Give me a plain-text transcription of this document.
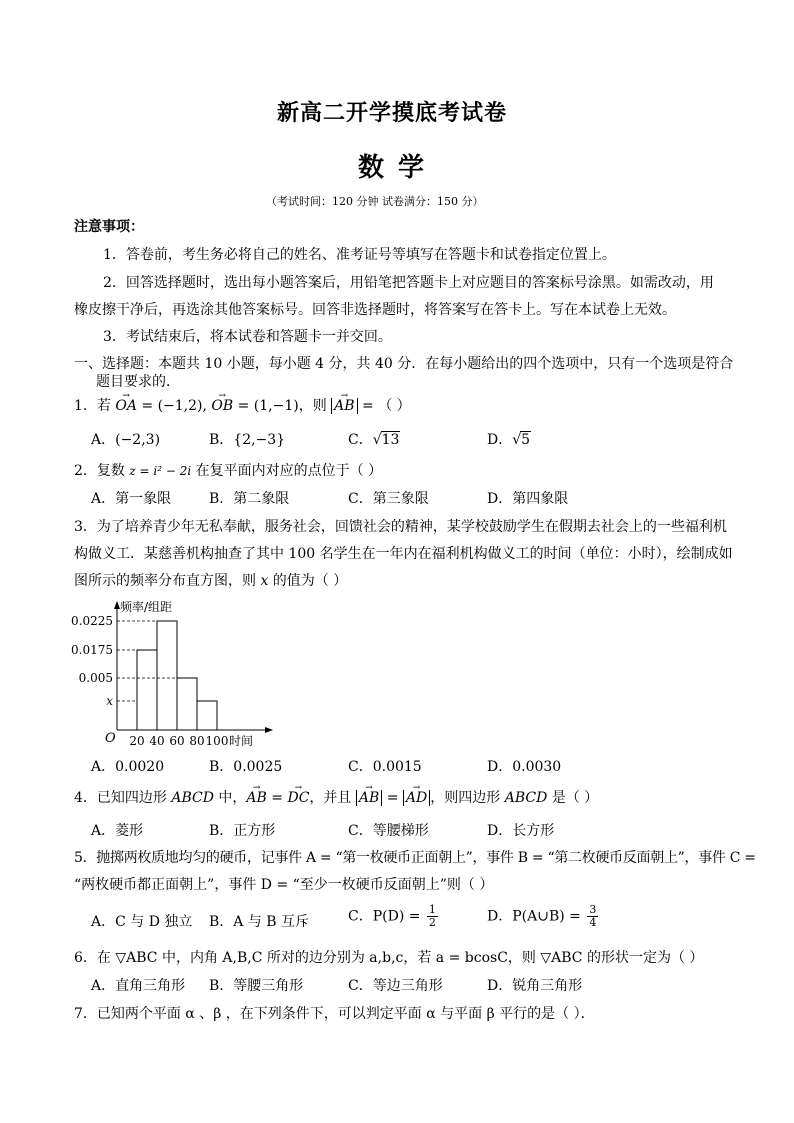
新高二开学摸底考试卷
数学
（考试时间：120 分钟 试卷满分：150 分）
注意事项：
1．答卷前，考生务必将自己的姓名、准考证号等填写在答题卡和试卷指定位置上。
2．回答选择题时，选出每小题答案后，用铅笔把答题卡上对应题目的答案标号涂黑。如需改动，用
橡皮擦干净后，再选涂其他答案标号。回答非选择题时，将答案写在答卡上。写在本试卷上无效。
3．考试结束后，将本试卷和答题卡一并交回。
一、选择题：本题共 10 小题，每小题 4 分，共 40 分．在每小题给出的四个选项中，只有一个选项是符合
题目要求的．
1．若 → OA = (−1,2), → OB = (1,−1)，则 → AB = （ ）
A．(−2,3)	B．{2,−3}	C．√13	D．√5
2．复数 z = i² − 2i 在复平面内对应的点位于（ ）
A．第一象限	B．第二象限	C．第三象限	D．第四象限
3．为了培养青少年无私奉献，服务社会，回馈社会的精神，某学校鼓励学生在假期去社会上的一些福利机
构做义工．某慈善机构抽查了其中 100 名学生在一年内在福利机构做义工的时间（单位：小时），绘制成如
图所示的频率分布直方图，则 x 的值为（ ）
x
0.005
0.0175
0.0225
20 40 60 80 100
O
频率/组距
时间
A．0.0020	B．0.0025	C．0.0015	D．0.0030
4．已知四边形 ABCD 中，→ AB = → DC，并且 → AB = → AD ，则四边形 ABCD 是（ ）
A．菱形	B．正方形	C．等腰梯形	D．长方形
5．抛掷两枚质地均匀的硬币，记事件 A = “第一枚硬币正面朝上”，事件 B = “第二枚硬币反面朝上”，事件 C =
“两枚硬币都正面朝上”，事件 D = “至少一枚硬币反面朝上”则（ ）
A．C 与 D 独立 B．A 与 B 互斥	C．$P(D) = \frac{1}{2}$	D．P(A∪B) = $\frac{3}{4}$
6．在 ▽ABC 中，内角 A,B,C 所对的边分别为 a,b,c，若 a = bcosC，则 ▽ABC 的形状一定为（ ）
A．直角三角形 B．等腰三角形	C．等边三角形	D．锐角三角形
7．已知两个平面 α 、β ，在下列条件下，可以判定平面 α 与平面 β 平行的是（ ）．
